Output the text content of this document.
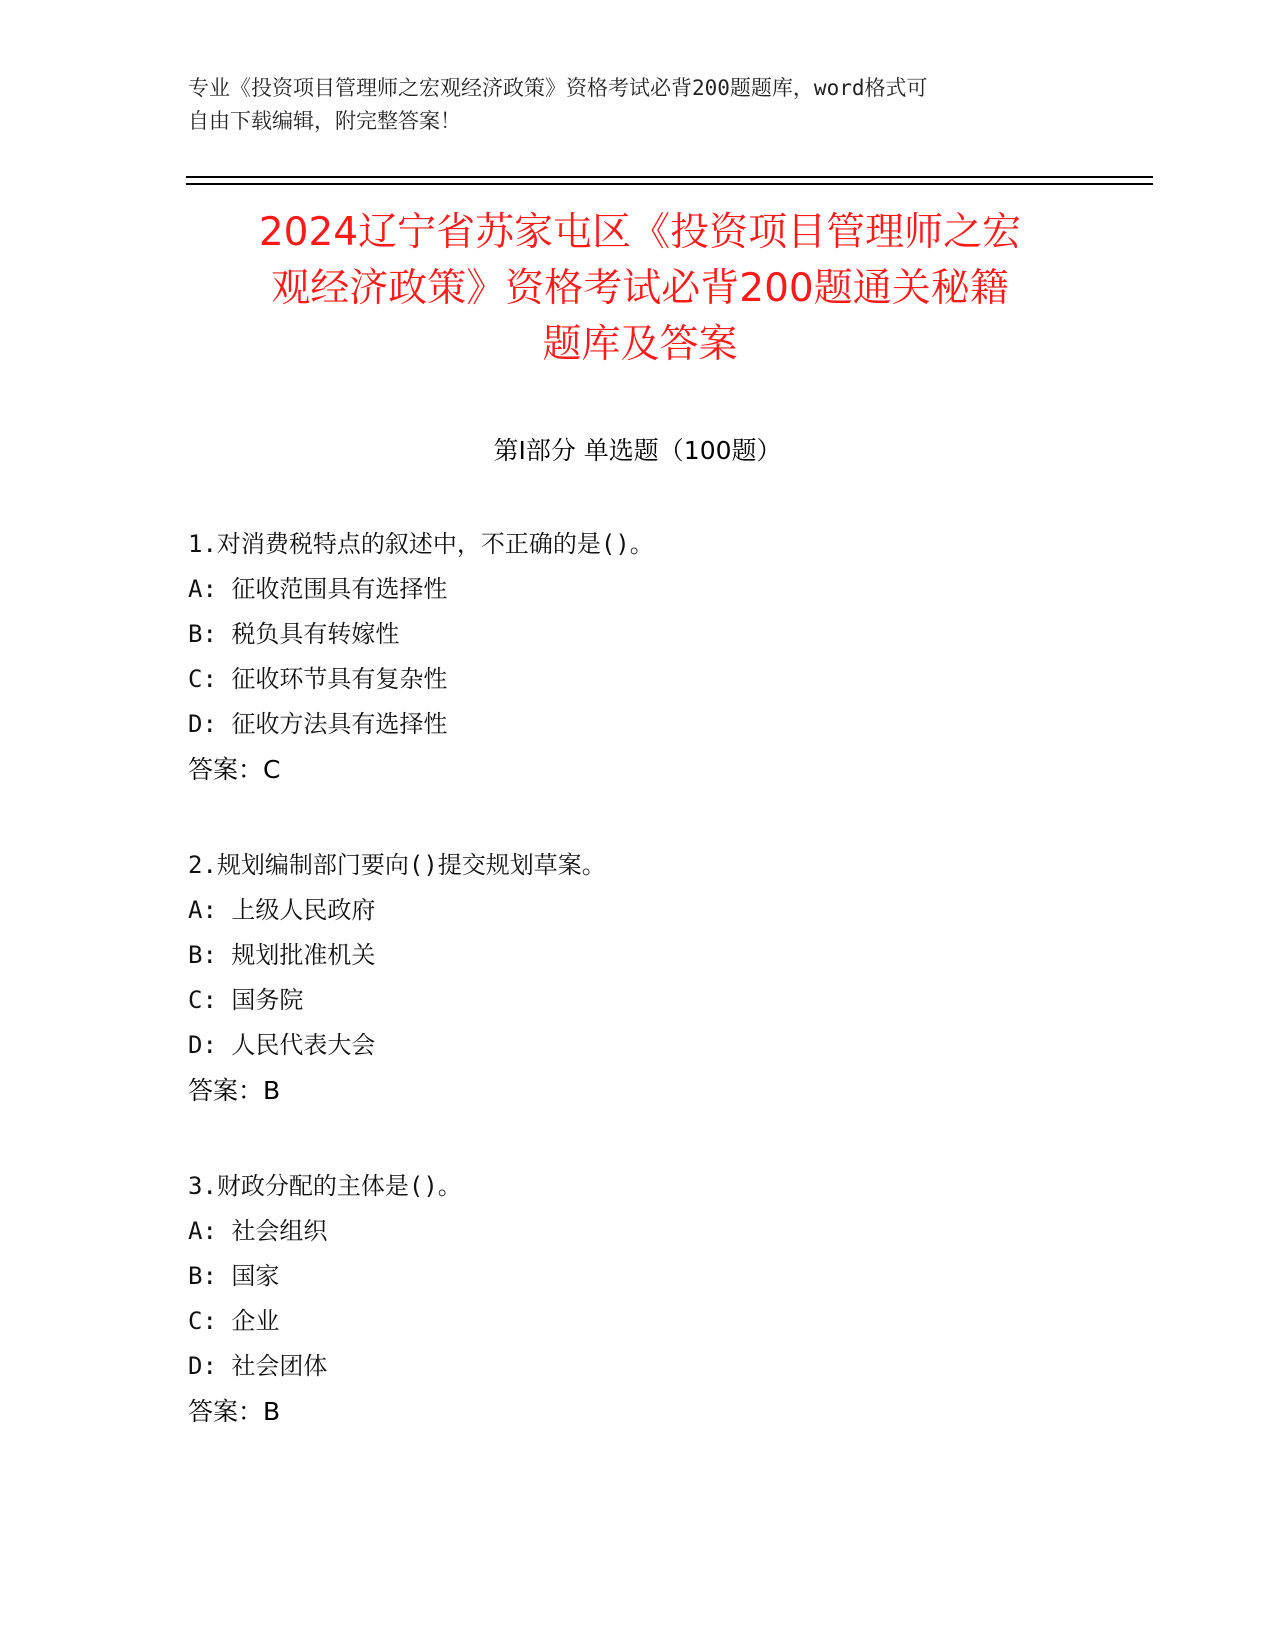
专业《投资项目管理师之宏观经济政策》资格考试必背200题题库，word格式可
自由下载编辑，附完整答案！
2024辽宁省苏家屯区《投资项目管理师之宏
观经济政策》资格考试必背200题通关秘籍
题库及答案
第Ⅰ部分 单选题（100题）
1.对消费税特点的叙述中，不正确的是()。
A: 征收范围具有选择性
B: 税负具有转嫁性
C: 征收环节具有复杂性
D: 征收方法具有选择性
答案：C
2.规划编制部门要向()提交规划草案。
A: 上级人民政府
B: 规划批准机关
C: 国务院
D: 人民代表大会
答案：B
3.财政分配的主体是()。
A: 社会组织
B: 国家
C: 企业
D: 社会团体
答案：B
